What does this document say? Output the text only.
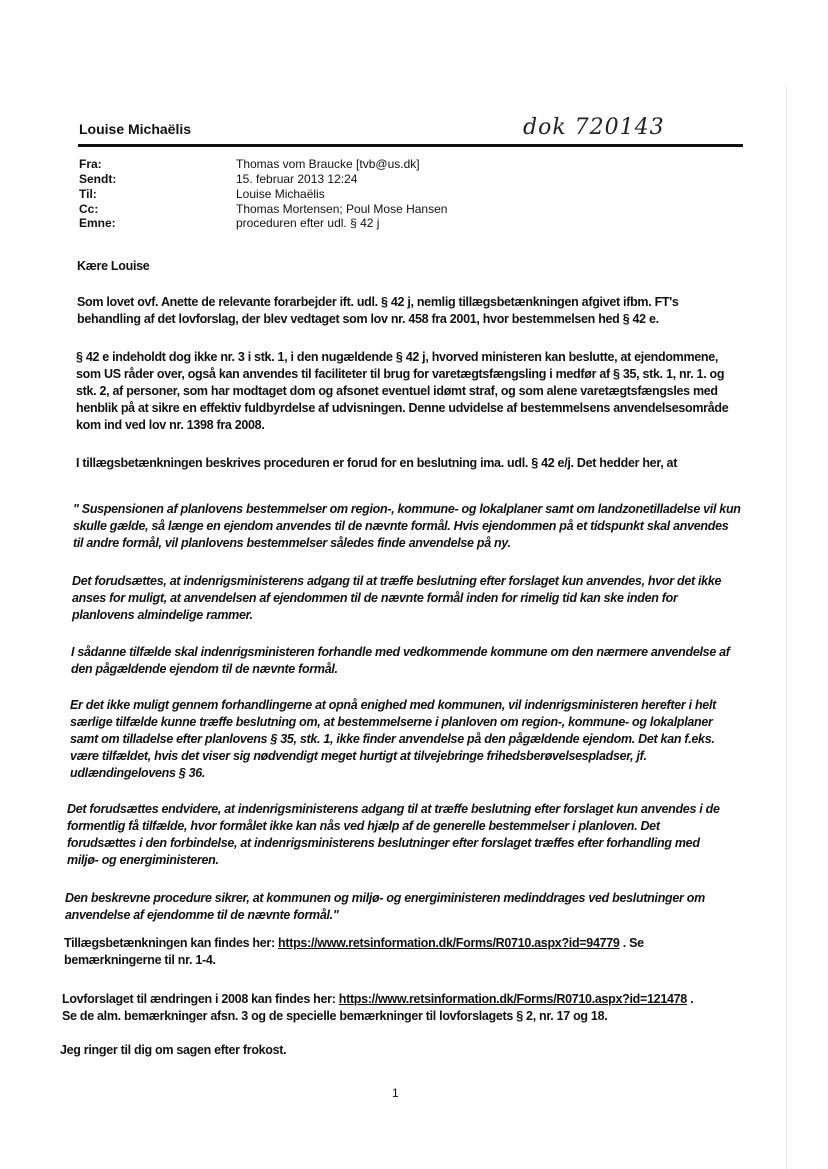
Louise Michaëlis	dok 720143
Fra:	Thomas vom Braucke [tvb@us.dk]
Sendt:	15. februar 2013 12:24
Til:	Louise Michaëlis
Cc:	Thomas Mortensen; Poul Mose Hansen
Emne:	proceduren efter udl. § 42 j
Kære Louise
Som lovet ovf. Anette de relevante forarbejder ift. udl. § 42 j, nemlig tillægsbetænkningen afgivet ifbm. FT's
behandling af det lovforslag, der blev vedtaget som lov nr. 458 fra 2001, hvor bestemmelsen hed § 42 e.
§ 42 e indeholdt dog ikke nr. 3 i stk. 1, i den nugældende § 42 j, hvorved ministeren kan beslutte, at ejendommene,
som US råder over, også kan anvendes til faciliteter til brug for varetægtsfængsling i medfør af § 35, stk. 1, nr. 1. og
stk. 2, af personer, som har modtaget dom og afsonet eventuel idømt straf, og som alene varetægtsfængsles med
henblik på at sikre en effektiv fuldbyrdelse af udvisningen. Denne udvidelse af bestemmelsens anvendelsesområde
kom ind ved lov nr. 1398 fra 2008.
I tillægsbetænkningen beskrives proceduren er forud for en beslutning ima. udl. § 42 e/j. Det hedder her, at
" Suspensionen af planlovens bestemmelser om region-, kommune- og lokalplaner samt om landzonetilladelse vil kun
skulle gælde, så længe en ejendom anvendes til de nævnte formål. Hvis ejendommen på et tidspunkt skal anvendes
til andre formål, vil planlovens bestemmelser således finde anvendelse på ny.
Det forudsættes, at indenrigsministerens adgang til at træffe beslutning efter forslaget kun anvendes, hvor det ikke
anses for muligt, at anvendelsen af ejendommen til de nævnte formål inden for rimelig tid kan ske inden for
planlovens almindelige rammer.
I sådanne tilfælde skal indenrigsministeren forhandle med vedkommende kommune om den nærmere anvendelse af
den pågældende ejendom til de nævnte formål.
Er det ikke muligt gennem forhandlingerne at opnå enighed med kommunen, vil indenrigsministeren herefter i helt
særlige tilfælde kunne træffe beslutning om, at bestemmelserne i planloven om region-, kommune- og lokalplaner
samt om tilladelse efter planlovens § 35, stk. 1, ikke finder anvendelse på den pågældende ejendom. Det kan f.eks.
være tilfældet, hvis det viser sig nødvendigt meget hurtigt at tilvejebringe frihedsberøvelsespladser, jf.
udlændingelovens § 36.
Det forudsættes endvidere, at indenrigsministerens adgang til at træffe beslutning efter forslaget kun anvendes i de
formentlig få tilfælde, hvor formålet ikke kan nås ved hjælp af de generelle bestemmelser i planloven. Det
forudsættes i den forbindelse, at indenrigsministerens beslutninger efter forslaget træffes efter forhandling med
miljø- og energiministeren.
Den beskrevne procedure sikrer, at kommunen og miljø- og energiministeren medinddrages ved beslutninger om
anvendelse af ejendomme til de nævnte formål."
Tillægsbetænkningen kan findes her: https://www.retsinformation.dk/Forms/R0710.aspx?id=94779 . Se
bemærkningerne til nr. 1-4.
Lovforslaget til ændringen i 2008 kan findes her: https://www.retsinformation.dk/Forms/R0710.aspx?id=121478 .
Se de alm. bemærkninger afsn. 3 og de specielle bemærkninger til lovforslagets § 2, nr. 17 og 18.
Jeg ringer til dig om sagen efter frokost.
1
